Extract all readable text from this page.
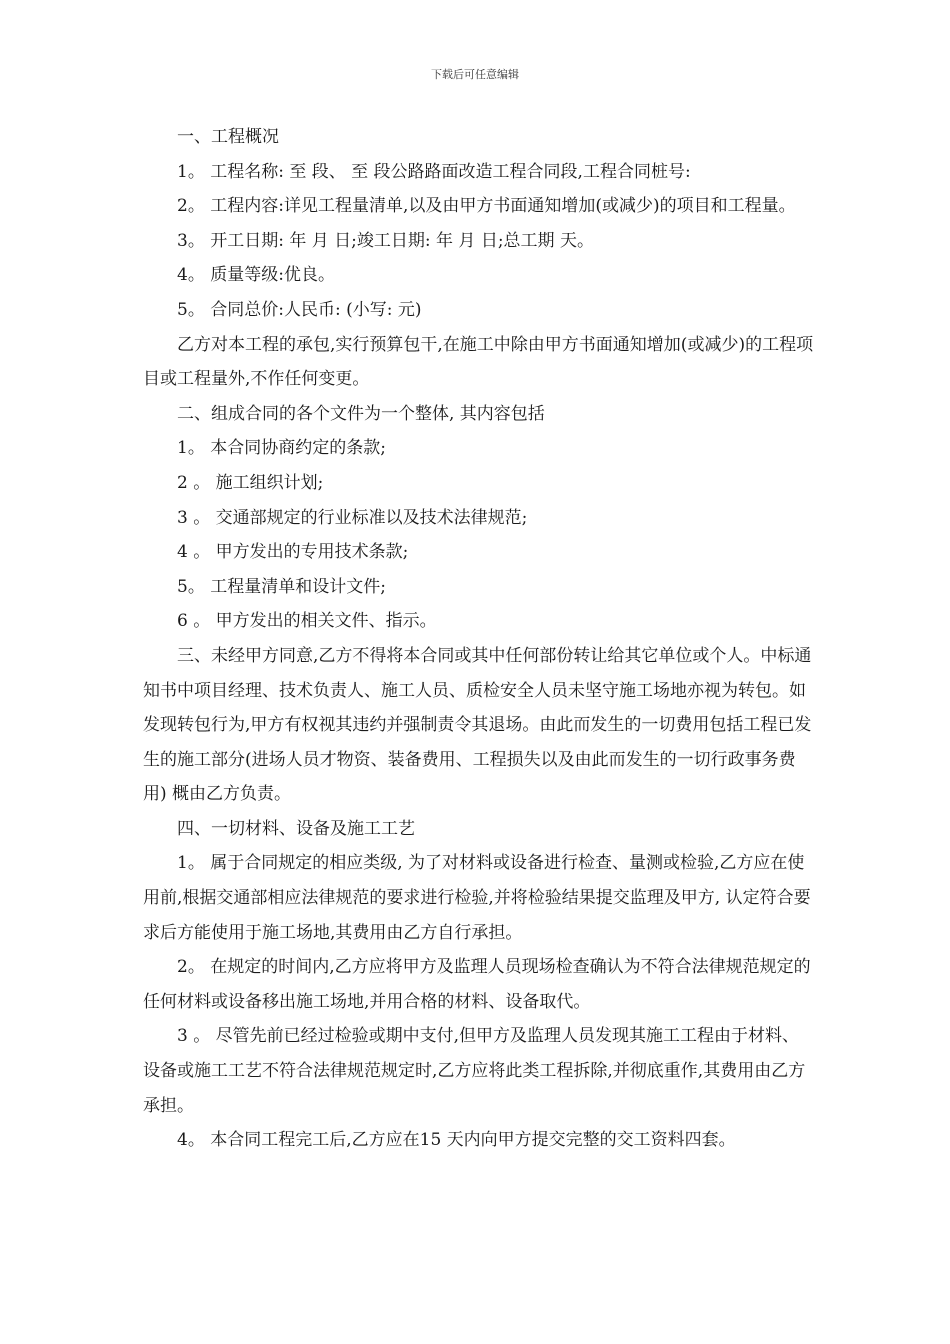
下载后可任意编辑

一、工程概况

1。 工程名称: 至 段、 至 段公路路面改造工程合同段,工程合同桩号:

2。 工程内容:详见工程量清单,以及由甲方书面通知增加(或减少)的项目和工程量。

3。 开工日期: 年 月 日;竣工日期: 年 月 日;总工期 天。

4。 质量等级:优良。

5。 合同总价:人民币: (小写: 元)

乙方对本工程的承包,实行预算包干,在施工中除由甲方书面通知增加(或减少)的工程项目或工程量外,不作任何变更。

二、组成合同的各个文件为一个整体, 其内容包括

1。 本合同协商约定的条款;

2 。 施工组织计划;

3 。 交通部规定的行业标准以及技术法律规范;

4 。 甲方发出的专用技术条款;

5。 工程量清单和设计文件;

6 。 甲方发出的相关文件、指示。

三、未经甲方同意,乙方不得将本合同或其中任何部份转让给其它单位或个人。中标通知书中项目经理、技术负责人、施工人员、质检安全人员未坚守施工场地亦视为转包。如发现转包行为,甲方有权视其违约并强制责令其退场。由此而发生的一切费用包括工程已发生的施工部分(进场人员才物资、装备费用、工程损失以及由此而发生的一切行政事务费用) 概由乙方负责。

四、一切材料、设备及施工工艺

1。 属于合同规定的相应类级, 为了对材料或设备进行检查、量测或检验,乙方应在使用前,根据交通部相应法律规范的要求进行检验,并将检验结果提交监理及甲方, 认定符合要求后方能使用于施工场地,其费用由乙方自行承担。

2。 在规定的时间内,乙方应将甲方及监理人员现场检查确认为不符合法律规范规定的任何材料或设备移出施工场地,并用合格的材料、设备取代。

3 。 尽管先前已经过检验或期中支付,但甲方及监理人员发现其施工工程由于材料、设备或施工工艺不符合法律规范规定时,乙方应将此类工程拆除,并彻底重作,其费用由乙方承担。

4。 本合同工程完工后,乙方应在15 天内向甲方提交完整的交工资料四套。
